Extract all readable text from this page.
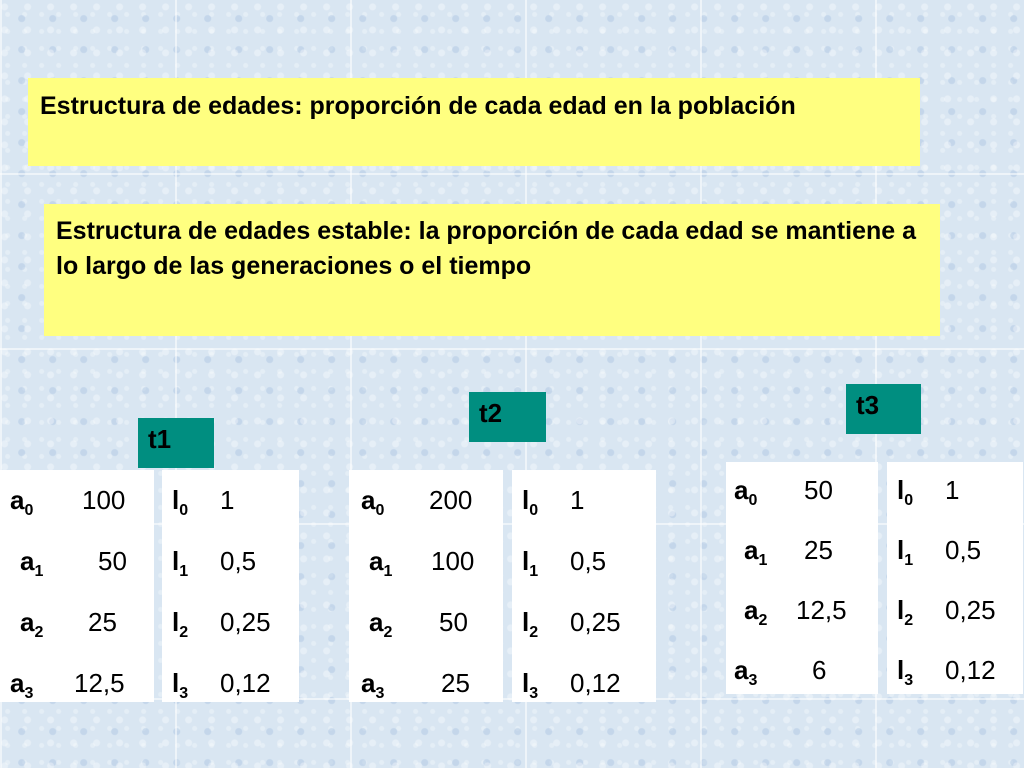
Estructura de edades: proporción de cada edad en la población
Estructura de edades estable: la proporción de cada edad se mantiene a lo largo de las generaciones o el tiempo
t1
t2	t3
$a_0$ 100
$a_1$ 50
$a_2$ 25
$a_3$ 12,5
$l_0$ 1
$l_1$ 0,5
$l_2$ 0,25
$l_3$ 0,12
$a_0$ 200
$a_1$ 100
$a_2$ 50
$a_3$ 25
$l_0$ 1
$l_1$ 0,5
$l_2$ 0,25
$l_3$ 0,12
$a_0$ 50
$a_1$ 25
$a_2$ 12,5
$a_3$ 6
$l_0$ 1
$l_1$ 0,5
$l_2$ 0,25
$l_3$ 0,12
